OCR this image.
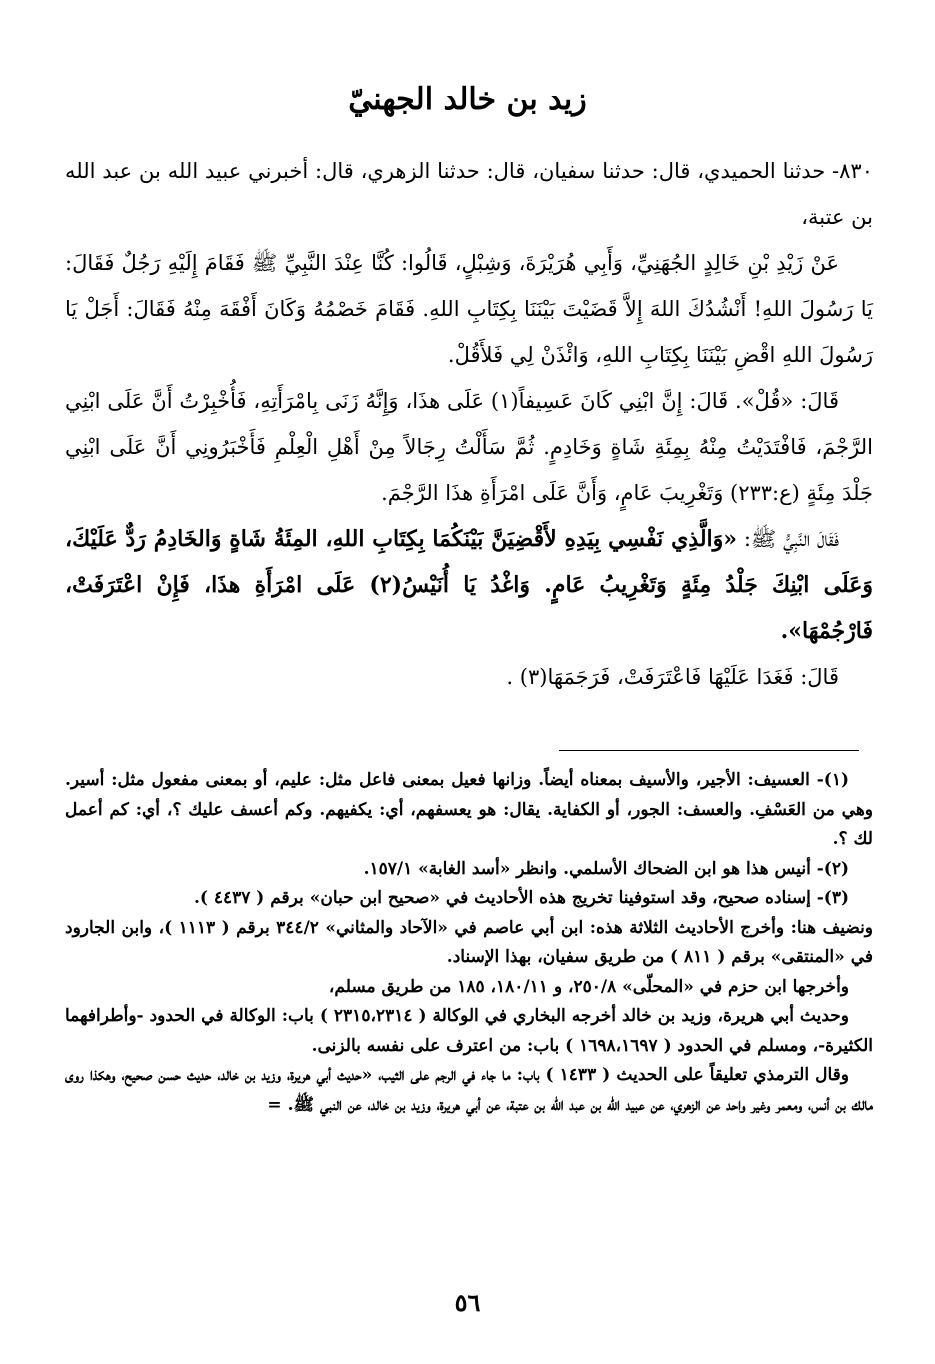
زيد بن خالد الجهنيّ

٨٣٠- حدثنا الحميدي، قال: حدثنا سفيان، قال: حدثنا الزهري، قال: أخبرني عبيد الله بن عبد الله بن عتبة،

عَنْ زَيْدِ بْنِ خَالِدٍ الجُهَنِيِّ، وَأَبِي هُرَيْرَةَ، وَشِبْلٍ، قَالُوا: كُنَّا عِنْدَ النَّبِيِّ ﷺ فَقَامَ إِلَيْهِ رَجُلٌ فَقَالَ: يَا رَسُولَ اللهِ! أَنْشُدُكَ اللهَ إِلاَّ قَضَيْتَ بَيْنَنَا بِكِتَابِ اللهِ. فَقَامَ خَصْمُهُ وَكَانَ أَفْقَهَ مِنْهُ فَقَالَ: أَجَلْ يَا رَسُولَ اللهِ اقْضِ بَيْنَنَا بِكِتَابِ اللهِ، وَائْذَنْ لِي فَلأَقُلْ.

قَالَ: «قُلْ». قَالَ: إِنَّ ابْنِي كَانَ عَسِيفاً(١) عَلَى هذَا، وَإِنَّهُ زَنَى بِامْرَأَتِهِ، فَأُخْبِرْتُ أَنَّ عَلَى ابْنِي الرَّجْمَ، فَافْتَدَيْتُ مِنْهُ بِمِئَةِ شَاةٍ وَخَادِمٍ. ثُمَّ سَأَلْتُ رِجَالاً مِنْ أَهْلِ الْعِلْمِ فَأَخْبَرُونِي أَنَّ عَلَى ابْنِي جَلْدَ مِئَةٍ (ع:٢٣٣) وَتَغْرِيبَ عَامٍ، وَأَنَّ عَلَى امْرَأَةِ هذَا الرَّجْمَ.

فَقَالَ النَّبِيُّ ﷺ: «وَالَّذِي نَفْسِي بِيَدِهِ لأَقْضِيَنَّ بَيْنَكُمَا بِكِتَابِ اللهِ، المِئَةُ شَاةٍ وَالخَادِمُ رَدٌّ عَلَيْكَ، وَعَلَى ابْنِكَ جَلْدُ مِئَةٍ وَتَغْرِيبُ عَامٍ. وَاغْدُ يَا أُنَيْسُ(٢) عَلَى امْرَأَةِ هذَا، فَإِنْ اعْتَرَفَتْ، فَارْجُمْهَا».

قَالَ: فَغَدَا عَلَيْهَا فَاعْتَرَفَتْ، فَرَجَمَهَا(٣) .

(١)- العسيف: الأجير، والأسيف بمعناه أيضاً. وزانها فعيل بمعنى فاعل مثل: عليم، أو بمعنى مفعول مثل: أسير. وهي من العَسْفِ. والعسف: الجور، أو الكفاية. يقال: هو يعسفهم، أي: يكفيهم. وكم أعسف عليك ؟، أي: كم أعمل لك ؟.

(٢)- أنيس هذا هو ابن الضحاك الأسلمي. وانظر «أسد الغابة» ١٥٧/١.

(٣)- إسناده صحيح، وقد استوفينا تخريج هذه الأحاديث في «صحيح ابن حبان» برقم ( ٤٤٣٧ ).

ونضيف هنا: وأخرج الأحاديث الثلاثة هذه: ابن أبي عاصم في «الآحاد والمثاني» ٣٤٤/٢ برقم ( ١١١٣ )، وابن الجارود في «المنتقى» برقم ( ٨١١ ) من طريق سفيان، بهذا الإسناد.

وأخرجها ابن حزم في «المحلّى» ٢٥٠/٨، و ١٨٠/١١، ١٨٥ من طريق مسلم،

وحديث أبي هريرة، وزيد بن خالد أخرجه البخاري في الوكالة ( ٢٣١٥،٢٣١٤ ) باب: الوكالة في الحدود -وأطرافهما الكثيرة-، ومسلم في الحدود ( ١٦٩٨،١٦٩٧ ) باب: من اعترف على نفسه بالزنى.

وقال الترمذي تعليقاً على الحديث ( ١٤٣٣ ) باب: ما جاء في الرجم على الثيب، «حديث أبي هريرة، وزيد بن خالد، حديث حسن صحيح، وهكذا روى مالك بن أنس، ومعمر وغير واحد عن الزهري، عن عبيد الله بن عبد الله بن عتبة، عن أبي هريرة، وزيد بن خالد، عن النبي ﷺ. =

٥٦
